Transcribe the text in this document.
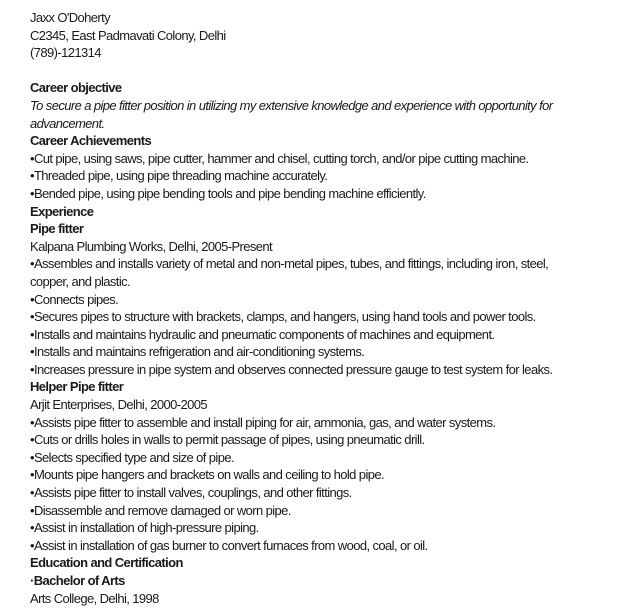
Jaxx O'Doherty
C2345, East Padmavati Colony, Delhi
(789)-121314

Career objective
To secure a pipe fitter position in utilizing my extensive knowledge and experience with opportunity for
advancement.
Career Achievements
•Cut pipe, using saws, pipe cutter, hammer and chisel, cutting torch, and/or pipe cutting machine.
•Threaded pipe, using pipe threading machine accurately.
•Bended pipe, using pipe bending tools and pipe bending machine efficiently.
Experience
Pipe fitter
Kalpana Plumbing Works, Delhi, 2005-Present
•Assembles and installs variety of metal and non-metal pipes, tubes, and fittings, including iron, steel,
copper, and plastic.
•Connects pipes.
•Secures pipes to structure with brackets, clamps, and hangers, using hand tools and power tools.
•Installs and maintains hydraulic and pneumatic components of machines and equipment.
•Installs and maintains refrigeration and air-conditioning systems.
•Increases pressure in pipe system and observes connected pressure gauge to test system for leaks.
Helper Pipe fitter
Arjit Enterprises, Delhi, 2000-2005
•Assists pipe fitter to assemble and install piping for air, ammonia, gas, and water systems.
•Cuts or drills holes in walls to permit passage of pipes, using pneumatic drill.
•Selects specified type and size of pipe.
•Mounts pipe hangers and brackets on walls and ceiling to hold pipe.
•Assists pipe fitter to install valves, couplings, and other fittings.
•Disassemble and remove damaged or worn pipe.
•Assist in installation of high-pressure piping.
•Assist in installation of gas burner to convert furnaces from wood, coal, or oil.
Education and Certification
·Bachelor of Arts
Arts College, Delhi, 1998
